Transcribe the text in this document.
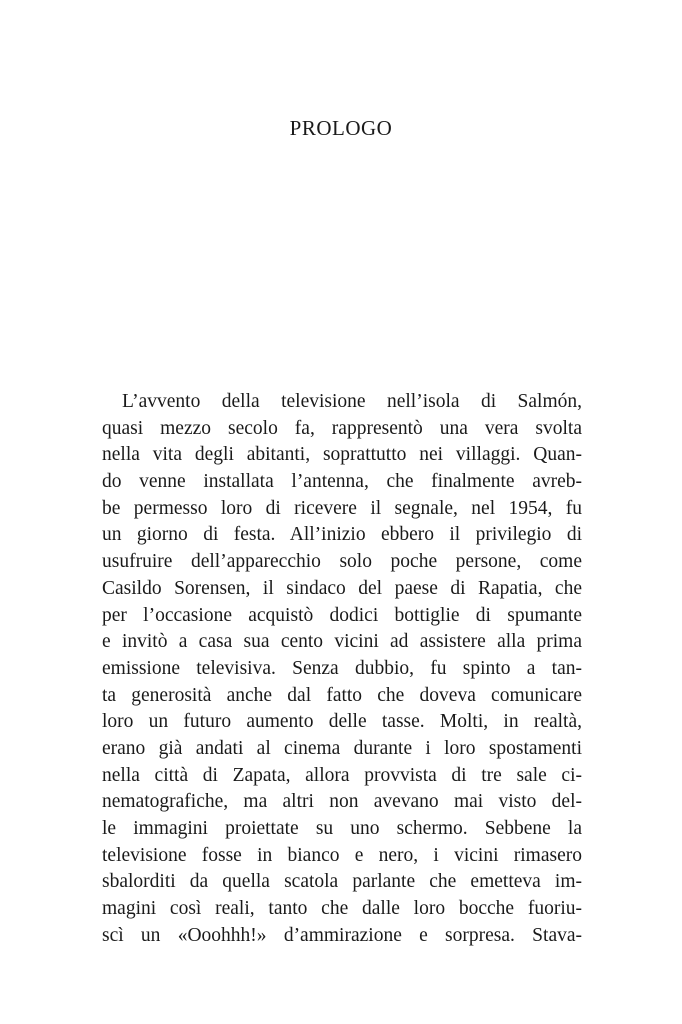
PROLOGO
L’avvento della televisione nell’isola di Salmón,
quasi mezzo secolo fa, rappresentò una vera svolta
nella vita degli abitanti, soprattutto nei villaggi. Quan-
do venne installata l’antenna, che finalmente avreb-
be permesso loro di ricevere il segnale, nel 1954, fu
un giorno di festa. All’inizio ebbero il privilegio di
usufruire dell’apparecchio solo poche persone, come
Casildo Sorensen, il sindaco del paese di Rapatia, che
per l’occasione acquistò dodici bottiglie di spumante
e invitò a casa sua cento vicini ad assistere alla prima
emissione televisiva. Senza dubbio, fu spinto a tan-
ta generosità anche dal fatto che doveva comunicare
loro un futuro aumento delle tasse. Molti, in realtà,
erano già andati al cinema durante i loro spostamenti
nella città di Zapata, allora provvista di tre sale ci-
nematografiche, ma altri non avevano mai visto del-
le immagini proiettate su uno schermo. Sebbene la
televisione fosse in bianco e nero, i vicini rimasero
sbalorditi da quella scatola parlante che emetteva im-
magini così reali, tanto che dalle loro bocche fuoriu-
scì un «Ooohhh!» d’ammirazione e sorpresa. Stava-
